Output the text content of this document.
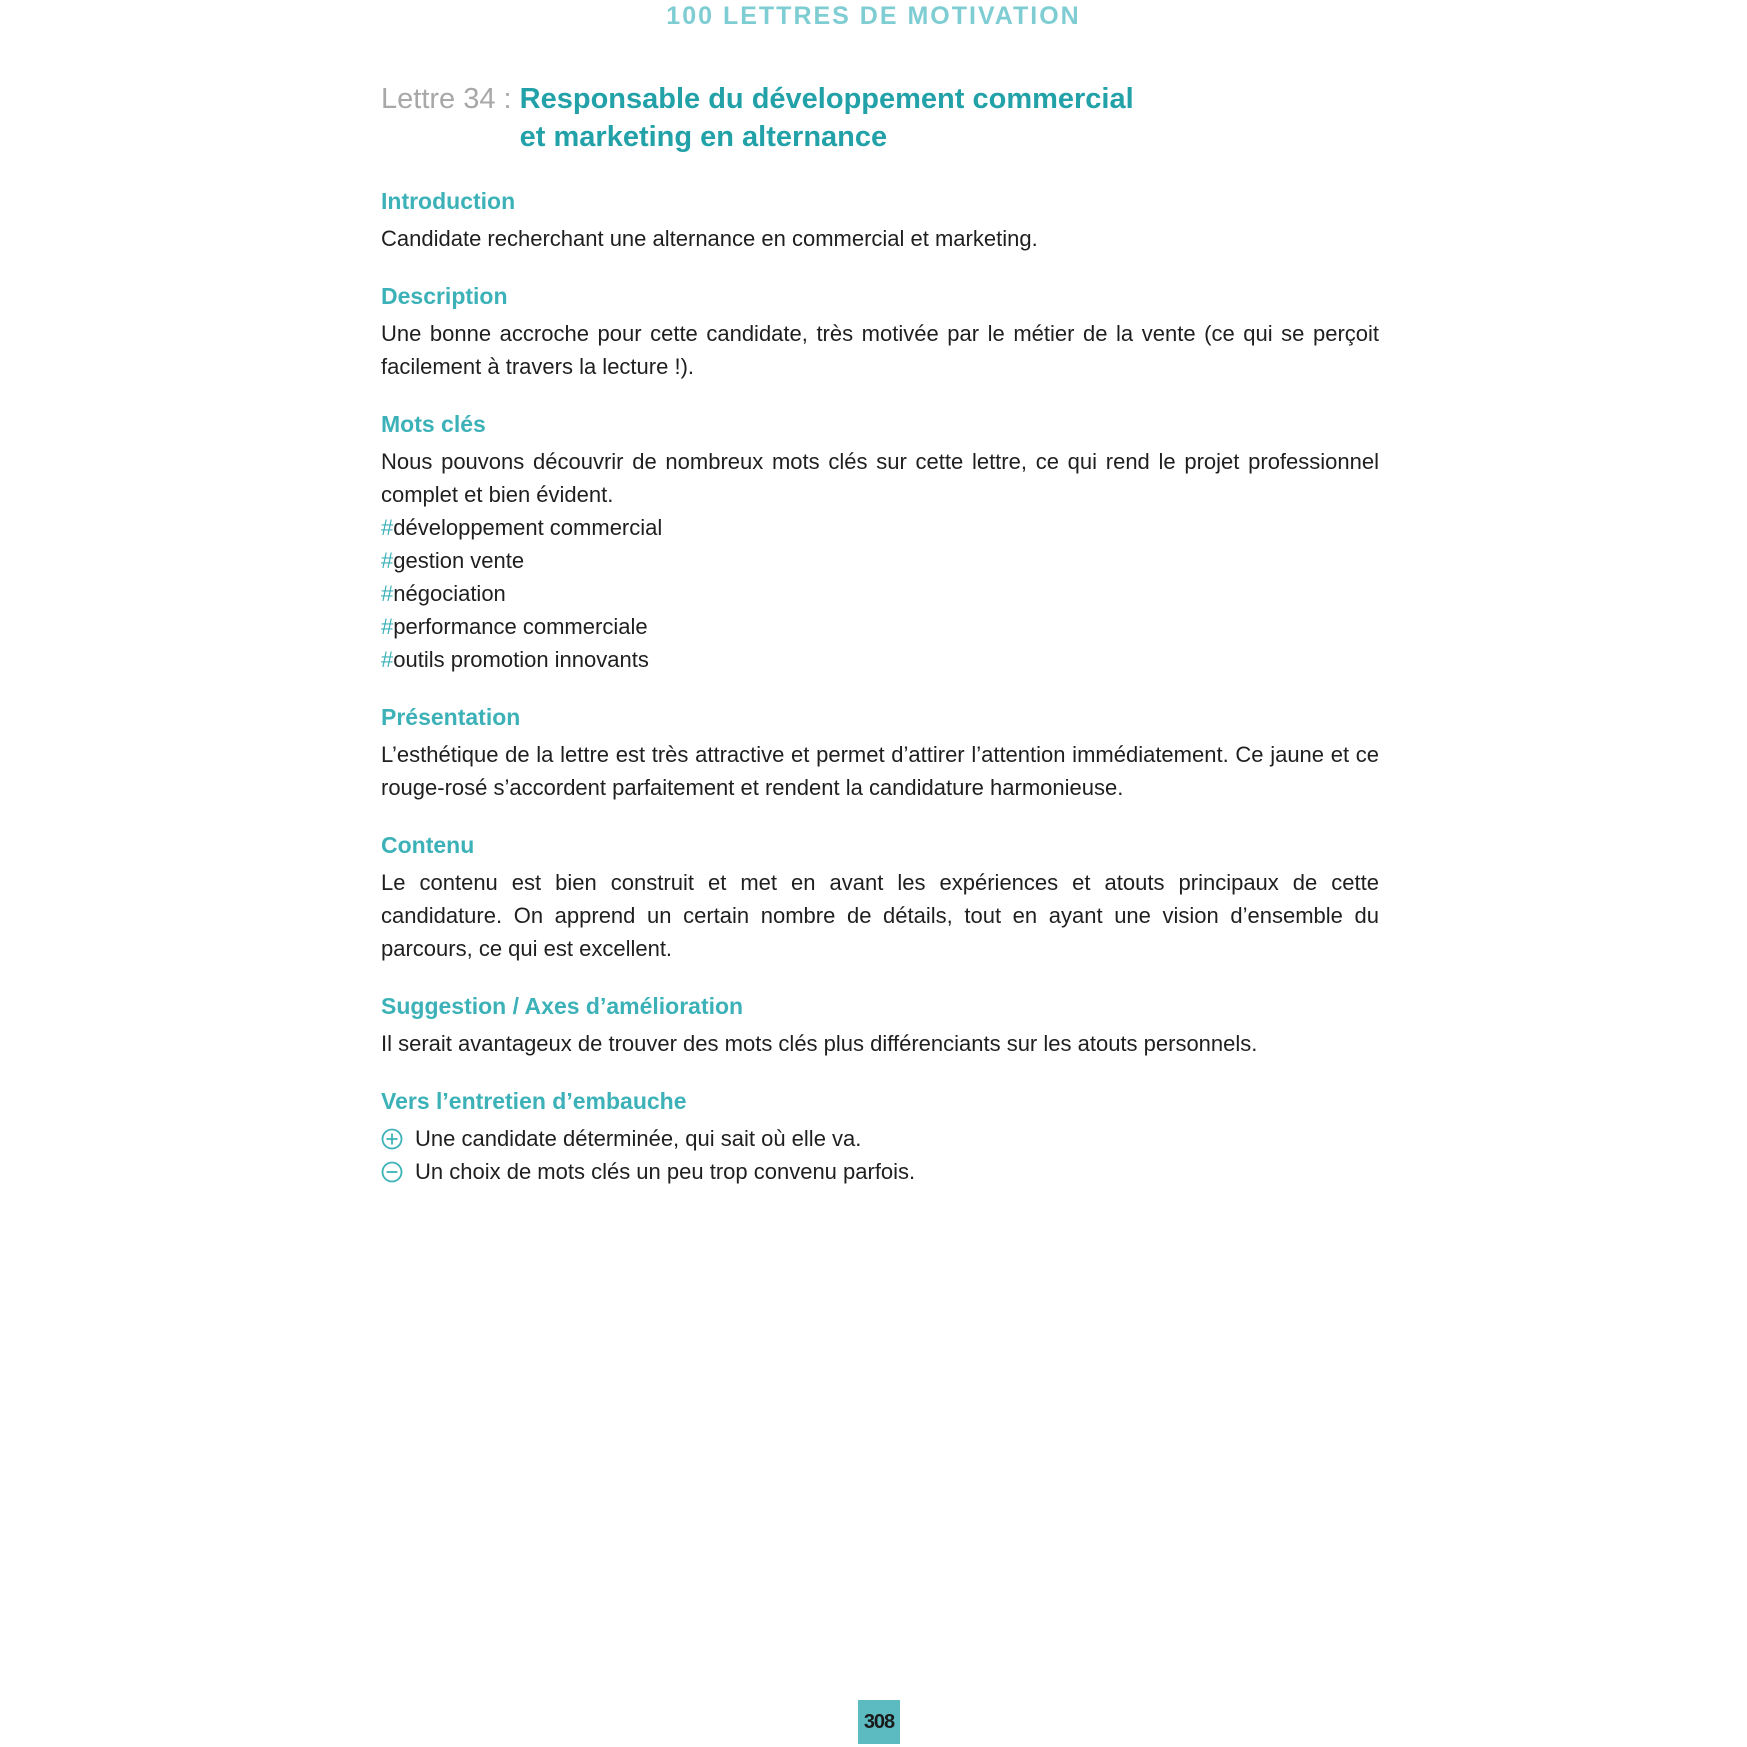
100 LETTRES DE MOTIVATION
Lettre 34 : Responsable du développement commercial
et marketing en alternance
Introduction
Candidate recherchant une alternance en commercial et marketing.
Description
Une bonne accroche pour cette candidate, très motivée par le métier de la vente (ce qui se perçoit facilement à travers la lecture !).
Mots clés
Nous pouvons découvrir de nombreux mots clés sur cette lettre, ce qui rend le projet professionnel complet et bien évident.
#développement commercial
#gestion vente
#négociation
#performance commerciale
#outils promotion innovants
Présentation
L’esthétique de la lettre est très attractive et permet d’attirer l’attention immédiatement. Ce jaune et ce rouge-rosé s’accordent parfaitement et rendent la candidature harmonieuse.
Contenu
Le contenu est bien construit et met en avant les expériences et atouts principaux de cette candidature. On apprend un certain nombre de détails, tout en ayant une vision d’ensemble du parcours, ce qui est excellent.
Suggestion / Axes d’amélioration
Il serait avantageux de trouver des mots clés plus différenciants sur les atouts personnels.
Vers l’entretien d’embauche
Une candidate déterminée, qui sait où elle va.
Un choix de mots clés un peu trop convenu parfois.
308
